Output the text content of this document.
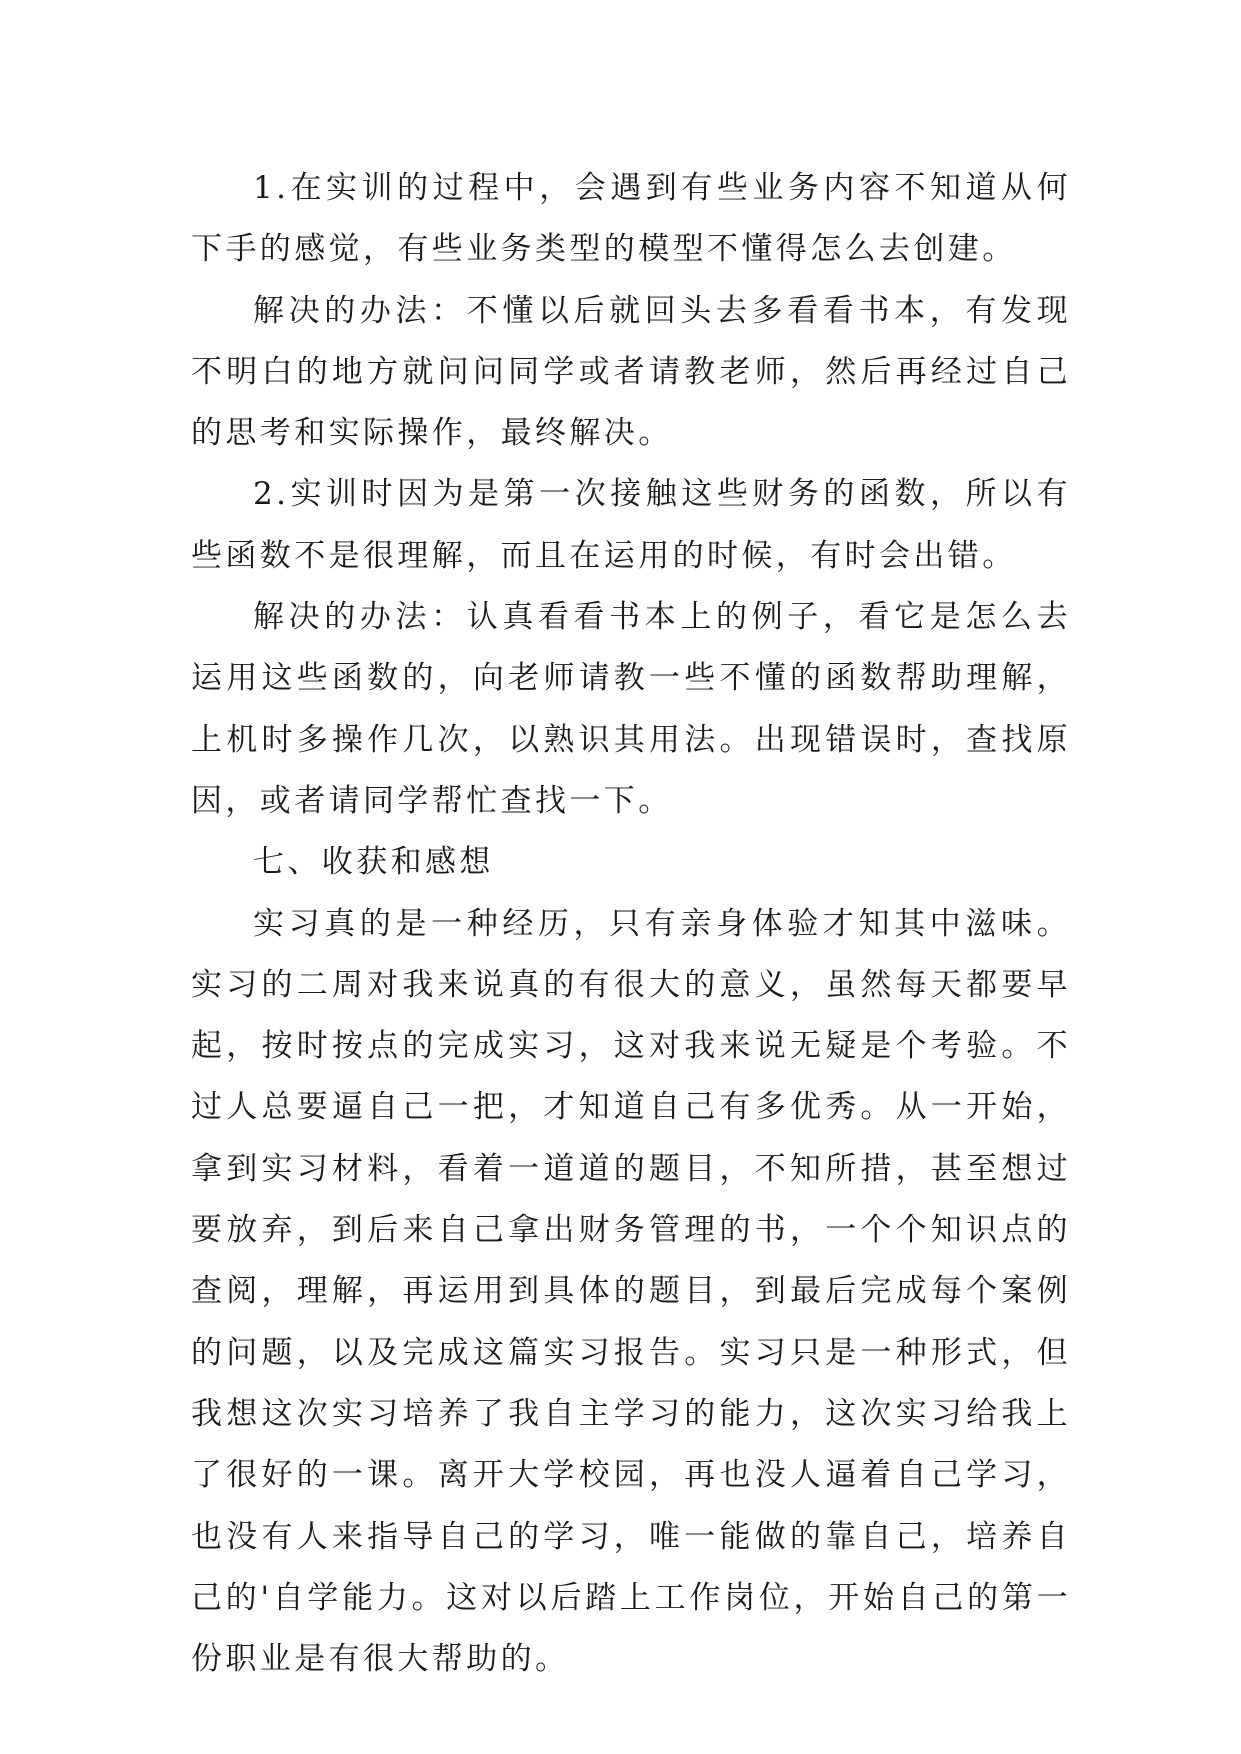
1.在实训的过程中，会遇到有些业务内容不知道从何下手的感觉，有些业务类型的模型不懂得怎么去创建。

解决的办法：不懂以后就回头去多看看书本，有发现不明白的地方就问问同学或者请教老师，然后再经过自己的思考和实际操作，最终解决。

2.实训时因为是第一次接触这些财务的函数，所以有些函数不是很理解，而且在运用的时候，有时会出错。

解决的办法：认真看看书本上的例子，看它是怎么去运用这些函数的，向老师请教一些不懂的函数帮助理解，上机时多操作几次，以熟识其用法。出现错误时，查找原因，或者请同学帮忙查找一下。

七、收获和感想

实习真的是一种经历，只有亲身体验才知其中滋味。实习的二周对我来说真的有很大的意义，虽然每天都要早起，按时按点的完成实习，这对我来说无疑是个考验。不过人总要逼自己一把，才知道自己有多优秀。从一开始，拿到实习材料，看着一道道的题目，不知所措，甚至想过要放弃，到后来自己拿出财务管理的书，一个个知识点的查阅，理解，再运用到具体的题目，到最后完成每个案例的问题，以及完成这篇实习报告。实习只是一种形式，但我想这次实习培养了我自主学习的能力，这次实习给我上了很好的一课。离开大学校园，再也没人逼着自己学习，也没有人来指导自己的学习，唯一能做的靠自己，培养自己的'自学能力。这对以后踏上工作岗位，开始自己的第一份职业是有很大帮助的。
